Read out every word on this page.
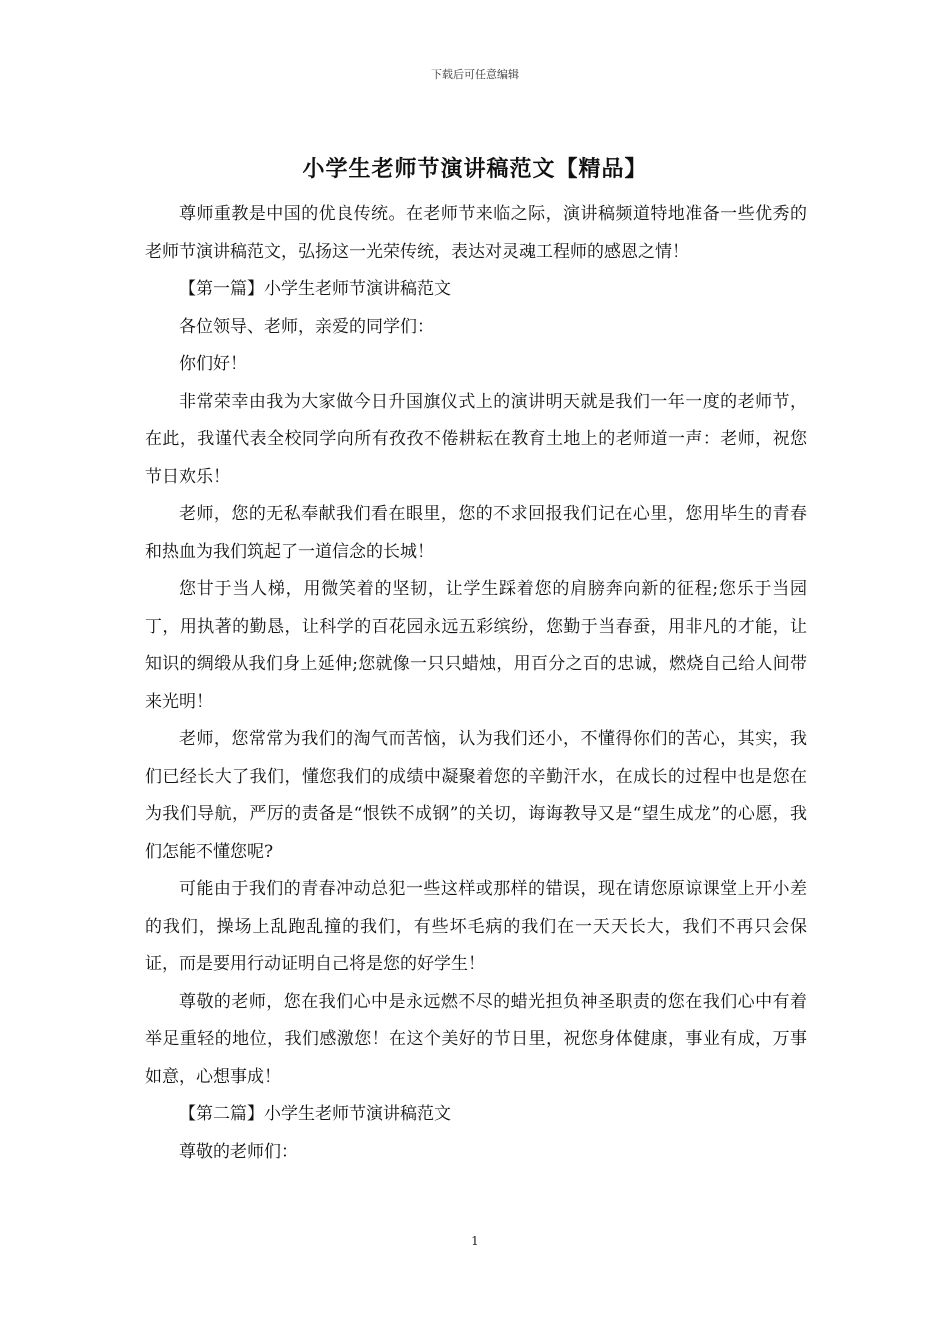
下载后可任意编辑
小学生老师节演讲稿范文【精品】

尊师重教是中国的优良传统。在老师节来临之际，演讲稿频道特地准备一些优秀的老师节演讲稿范文，弘扬这一光荣传统，表达对灵魂工程师的感恩之情！

【第一篇】小学生老师节演讲稿范文

各位领导、老师，亲爱的同学们：

你们好！

非常荣幸由我为大家做今日升国旗仪式上的演讲明天就是我们一年一度的老师节，在此，我谨代表全校同学向所有孜孜不倦耕耘在教育土地上的老师道一声：老师，祝您节日欢乐！

老师，您的无私奉献我们看在眼里，您的不求回报我们记在心里，您用毕生的青春和热血为我们筑起了一道信念的长城！

您甘于当人梯，用微笑着的坚韧，让学生踩着您的肩膀奔向新的征程;您乐于当园丁，用执著的勤恳，让科学的百花园永远五彩缤纷，您勤于当春蚕，用非凡的才能，让知识的绸缎从我们身上延伸;您就像一只只蜡烛，用百分之百的忠诚，燃烧自己给人间带来光明！

老师，您常常为我们的淘气而苦恼，认为我们还小，不懂得你们的苦心，其实，我们已经长大了我们，懂您我们的成绩中凝聚着您的辛勤汗水，在成长的过程中也是您在为我们导航，严厉的责备是“恨铁不成钢”的关切，诲诲教导又是“望生成龙”的心愿，我们怎能不懂您呢?

可能由于我们的青春冲动总犯一些这样或那样的错误，现在请您原谅课堂上开小差的我们，操场上乱跑乱撞的我们，有些坏毛病的我们在一天天长大，我们不再只会保证，而是要用行动证明自己将是您的好学生！

尊敬的老师，您在我们心中是永远燃不尽的蜡光担负神圣职责的您在我们心中有着举足重轻的地位，我们感激您！在这个美好的节日里，祝您身体健康，事业有成，万事如意，心想事成！

【第二篇】小学生老师节演讲稿范文

尊敬的老师们：

1
